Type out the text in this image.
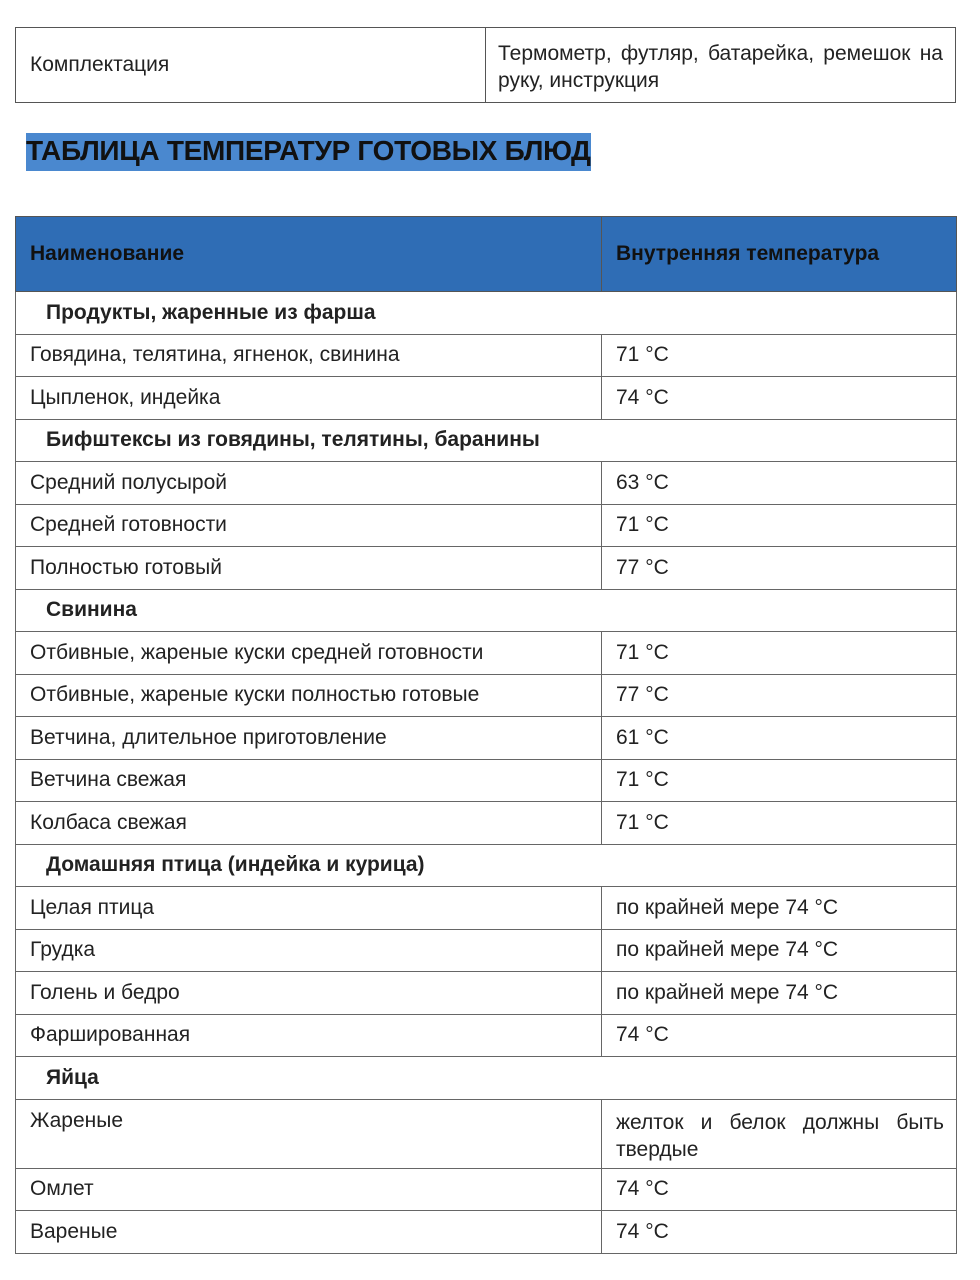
Комплектация	Термометр, футляр, батарейка, ремешок на руку, инструкция
ТАБЛИЦА ТЕМПЕРАТУР ГОТОВЫХ БЛЮД
Наименование	Внутренняя температура
Продукты, жаренные из фарша	
Говядина, телятина, ягненок, свинина	71 °C
Цыпленок, индейка	74 °C
Бифштексы из говядины, телятины, баранины	
Средний полусырой	63 °C
Средней готовности	71 °C
Полностью готовый	77 °C
Свинина	
Отбивные, жареные куски средней готовности	71 °C
Отбивные, жареные куски полностью готовые	77 °C
Ветчина, длительное приготовление	61 °C
Ветчина свежая	71 °C
Колбаса свежая	71 °C
Домашняя птица (индейка и курица)	
Целая птица	по крайней мере 74 °C
Грудка	по крайней мере 74 °C
Голень и бедро	по крайней мере 74 °C
Фаршированная	74 °C
Яйца	
Жареные	желток и белок должны быть твердые
Омлет	74 °C
Вареные	74 °C
